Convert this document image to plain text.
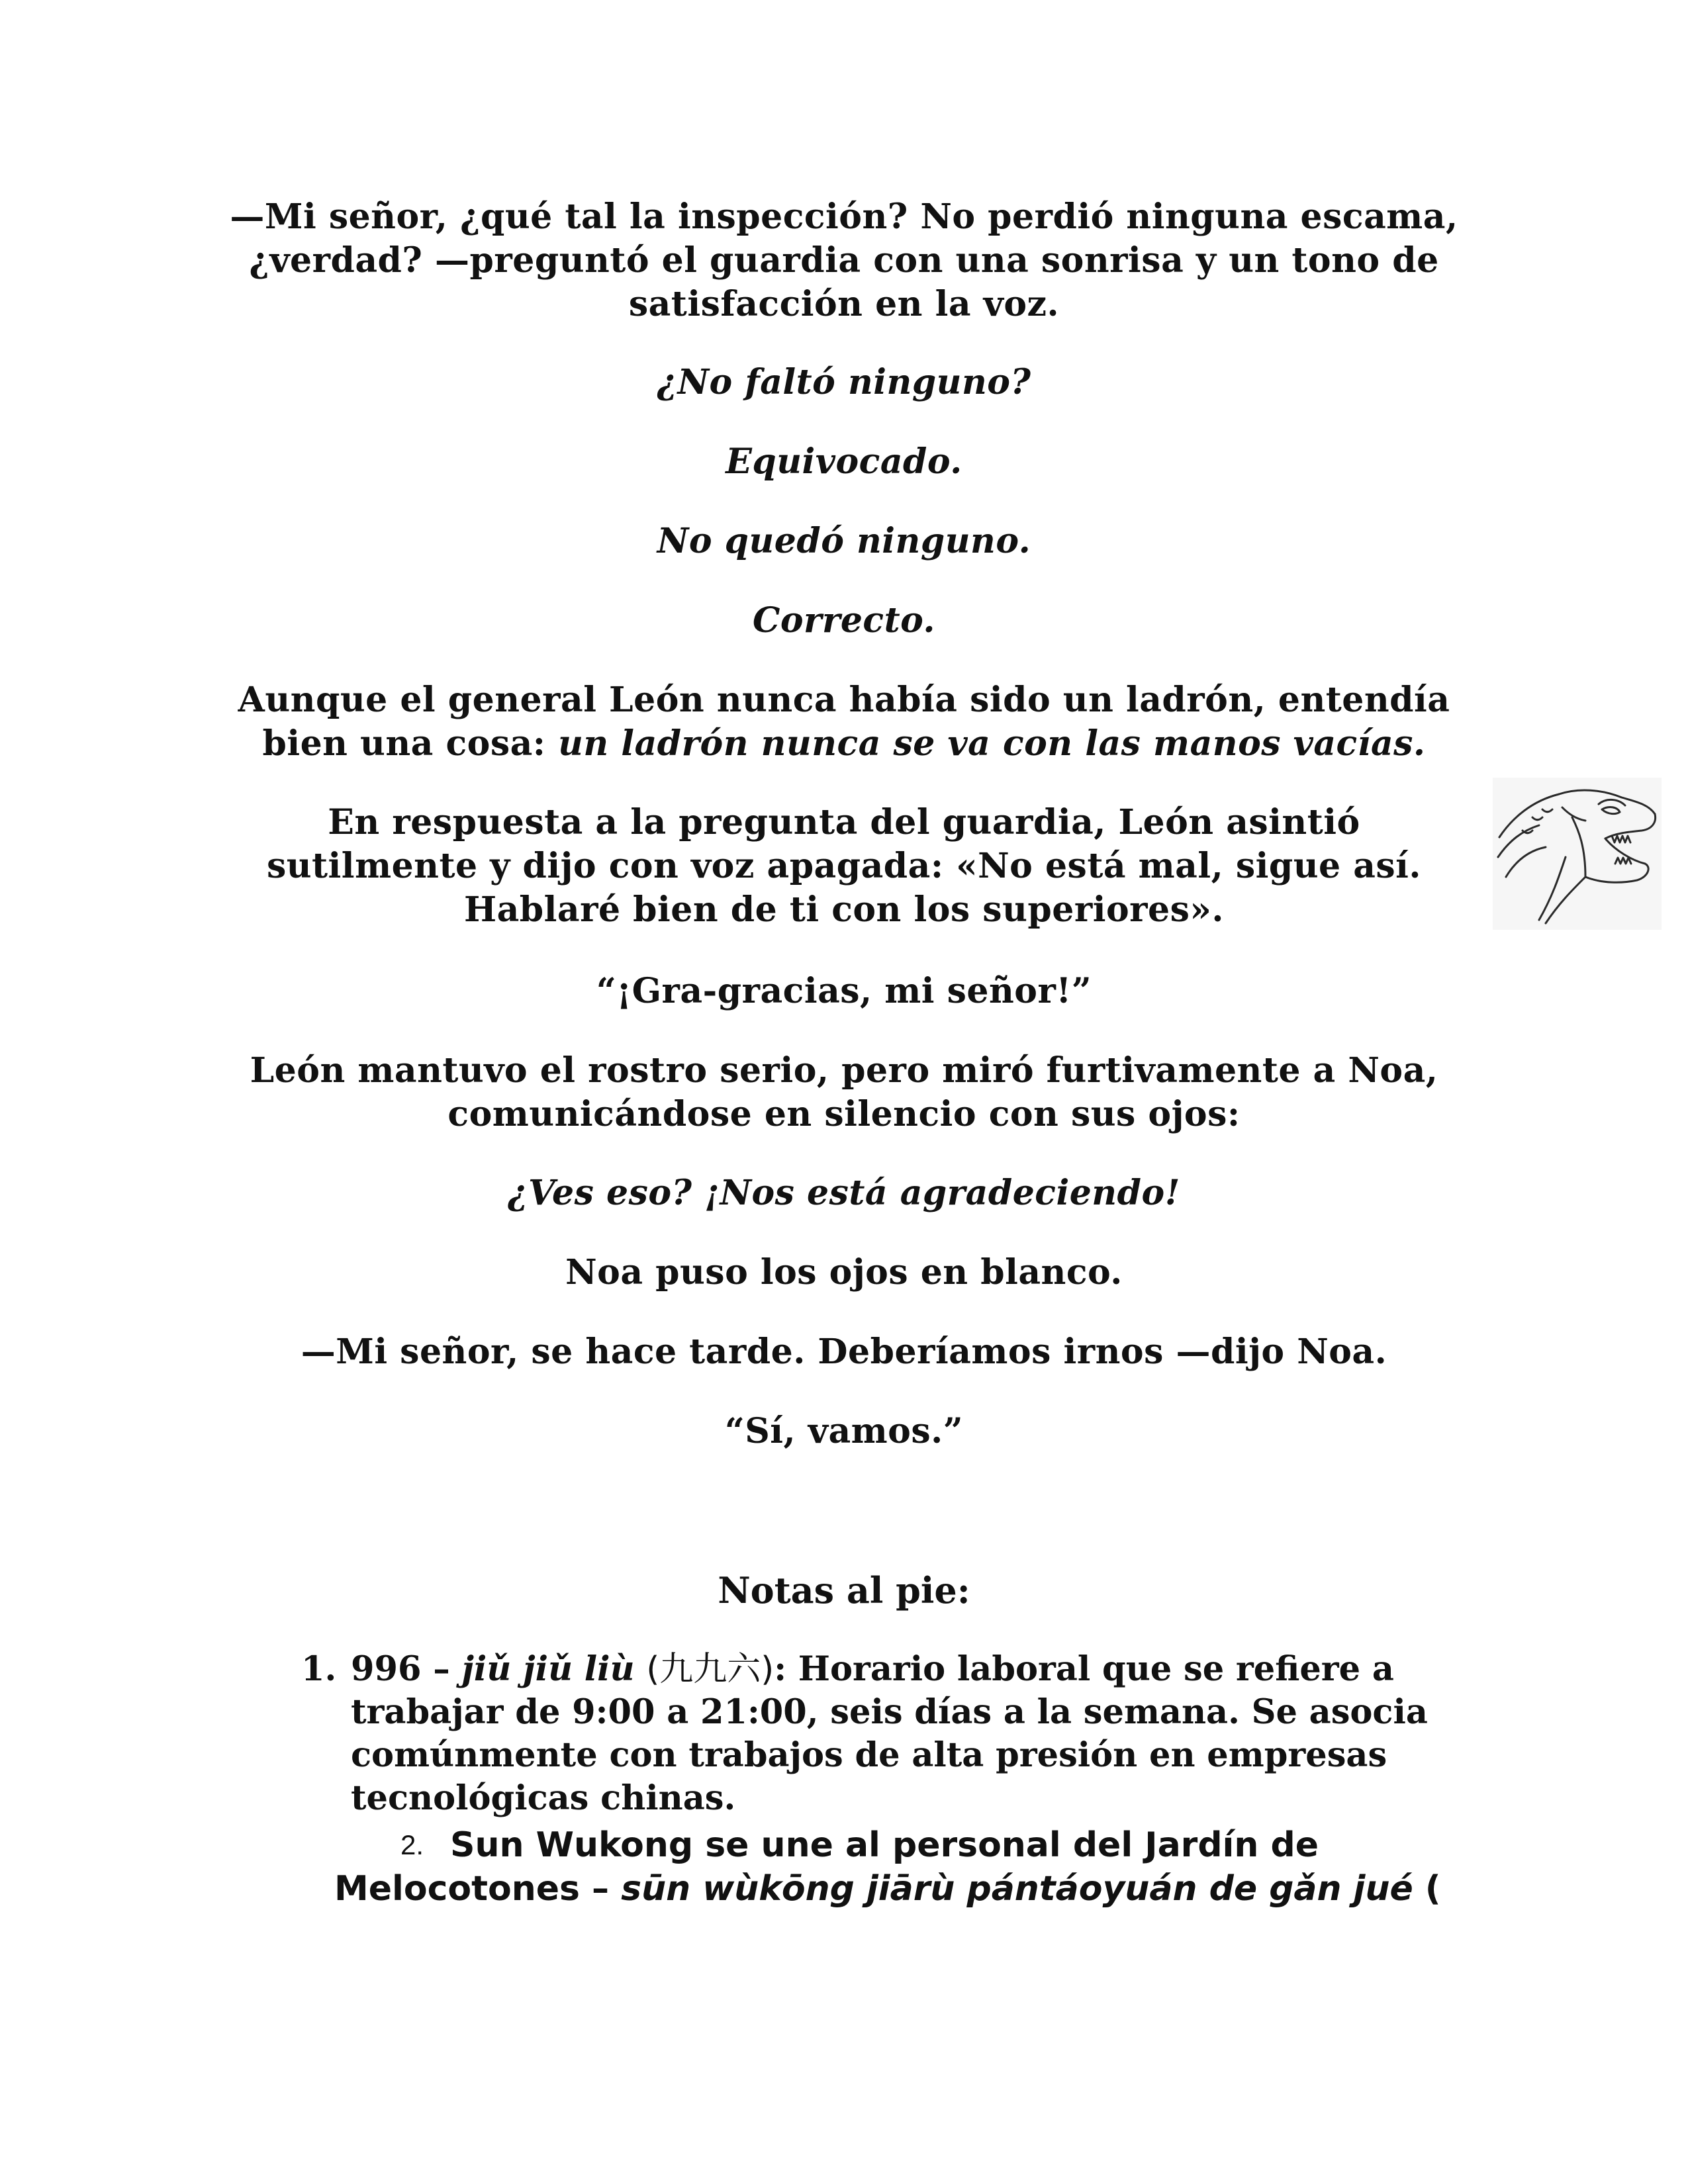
—Mi señor, ¿qué tal la inspección? No perdió ninguna escama, ¿verdad? —preguntó el guardia con una sonrisa y un tono de satisfacción en la voz.

¿No faltó ninguno?

Equivocado.

No quedó ninguno.

Correcto.

Aunque el general León nunca había sido un ladrón, entendía bien una cosa: un ladrón nunca se va con las manos vacías.

En respuesta a la pregunta del guardia, León asintió sutilmente y dijo con voz apagada: «No está mal, sigue así. Hablaré bien de ti con los superiores».

“¡Gra-gracias, mi señor!”

León mantuvo el rostro serio, pero miró furtivamente a Noa, comunicándose en silencio con sus ojos:

¿Ves eso? ¡Nos está agradeciendo!

Noa puso los ojos en blanco.

—Mi señor, se hace tarde. Deberíamos irnos —dijo Noa.

“Sí, vamos.”

Notas al pie:
1. 996 – jiǔ jiǔ liù (九九六): Horario laboral que se refiere a trabajar de 9:00 a 21:00, seis días a la semana. Se asocia comúnmente con trabajos de alta presión en empresas tecnológicas chinas.

2. Sun Wukong se une al personal del Jardín de Melocotones – sūn wùkōng jiārù pántáoyuán de gǎn jué (
